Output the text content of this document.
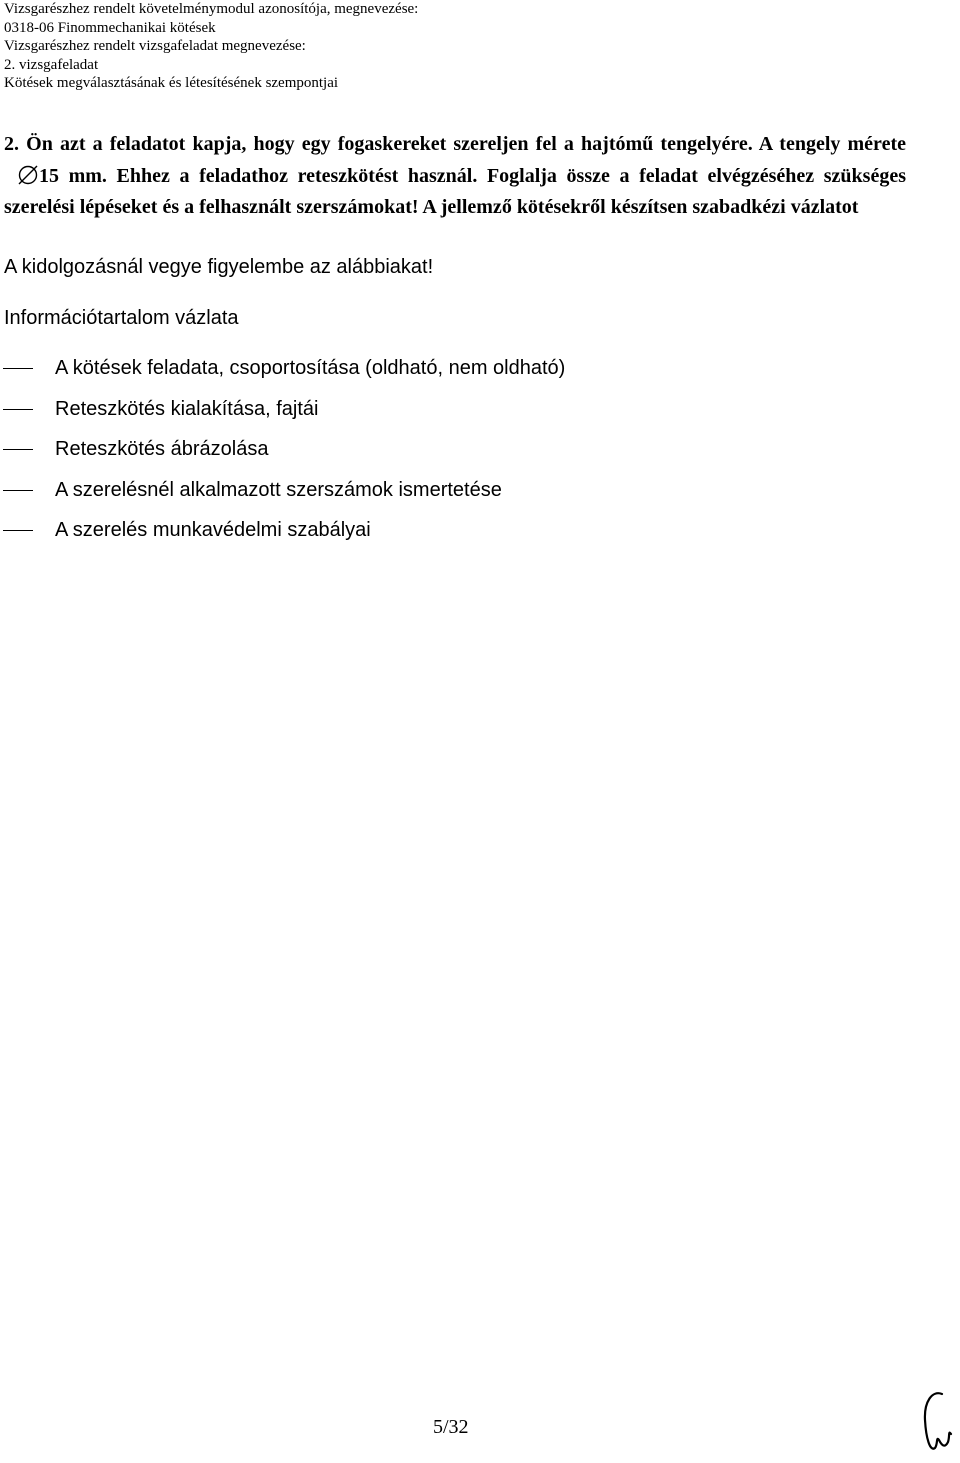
Vizsgarészhez rendelt követelménymodul azonosítója, megnevezése:
0318-06 Finommechanikai kötések
Vizsgarészhez rendelt vizsgafeladat megnevezése:
2. vizsgafeladat
Kötések megválasztásának és létesítésének szempontjai

2. Ön azt a feladatot kapja, hogy egy fogaskereket szereljen fel a hajtómű tengelyére. A tengely mérete
15 mm. Ehhez a feladathoz reteszkötést használ. Foglalja össze a feladat elvégzéséhez szükséges szerelési lépéseket és a felhasznált szerszámokat! A jellemző kötésekről készítsen szabadkézi vázlatot

A kidolgozásnál vegye figyelembe az alábbiakat!
Információtartalom vázlata
A kötések feladata, csoportosítása (oldható, nem oldható)
Reteszkötés kialakítása, fajtái
Reteszkötés ábrázolása
A szerelésnél alkalmazott szerszámok ismertetése
A szerelés munkavédelmi szabályai
5/32
